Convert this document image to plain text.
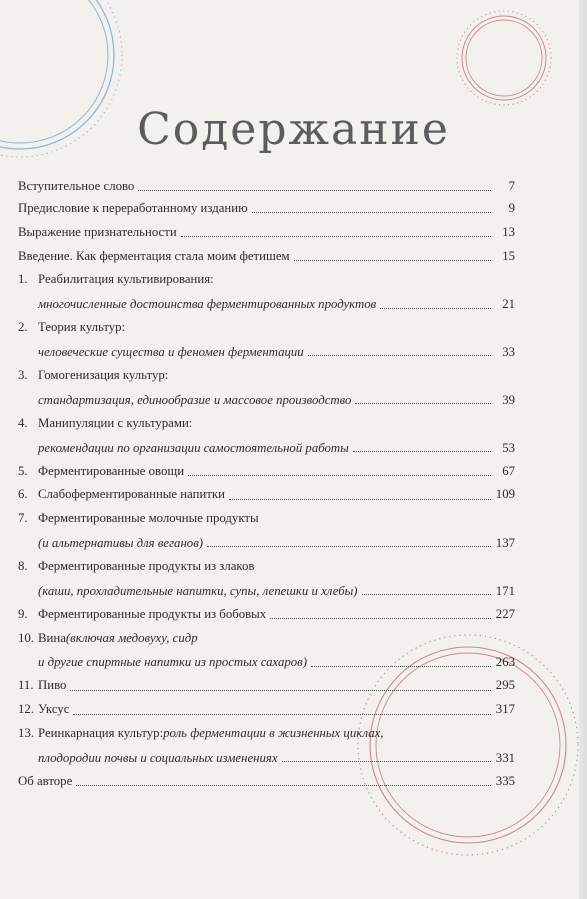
Содержание
Вступительное слово	7
Предисловие к переработанному изданию	9
Выражение признательности	13
Введение. Как ферментация стала моим фетишем	15
1. Реабилитация культивирования:
многочисленные достоинства ферментированных продуктов	21
2. Теория культур:
человеческие существа и феномен ферментации	33
3. Гомогенизация культур:
стандартизация, единообразие и массовое производство	39
4. Манипуляции с культурами:
рекомендации по организации самостоятельной работы	53
5. Ферментированные овощи	67
6. Слабоферментированные напитки	109
7. Ферментированные молочные продукты
(и альтернативы для веганов)	137
8. Ферментированные продукты из злаков
(каши, прохладительные напитки, супы, лепешки и хлебы)	171
9. Ферментированные продукты из бобовых	227
10. Вина (включая медовуху, сидр
и другие спиртные напитки из простых сахаров)	263
11. Пиво	295
12. Уксус	317
13. Реинкарнация культур: роль ферментации в жизненных циклах,
плодородии почвы и социальных изменениях	331
Об авторе	335
